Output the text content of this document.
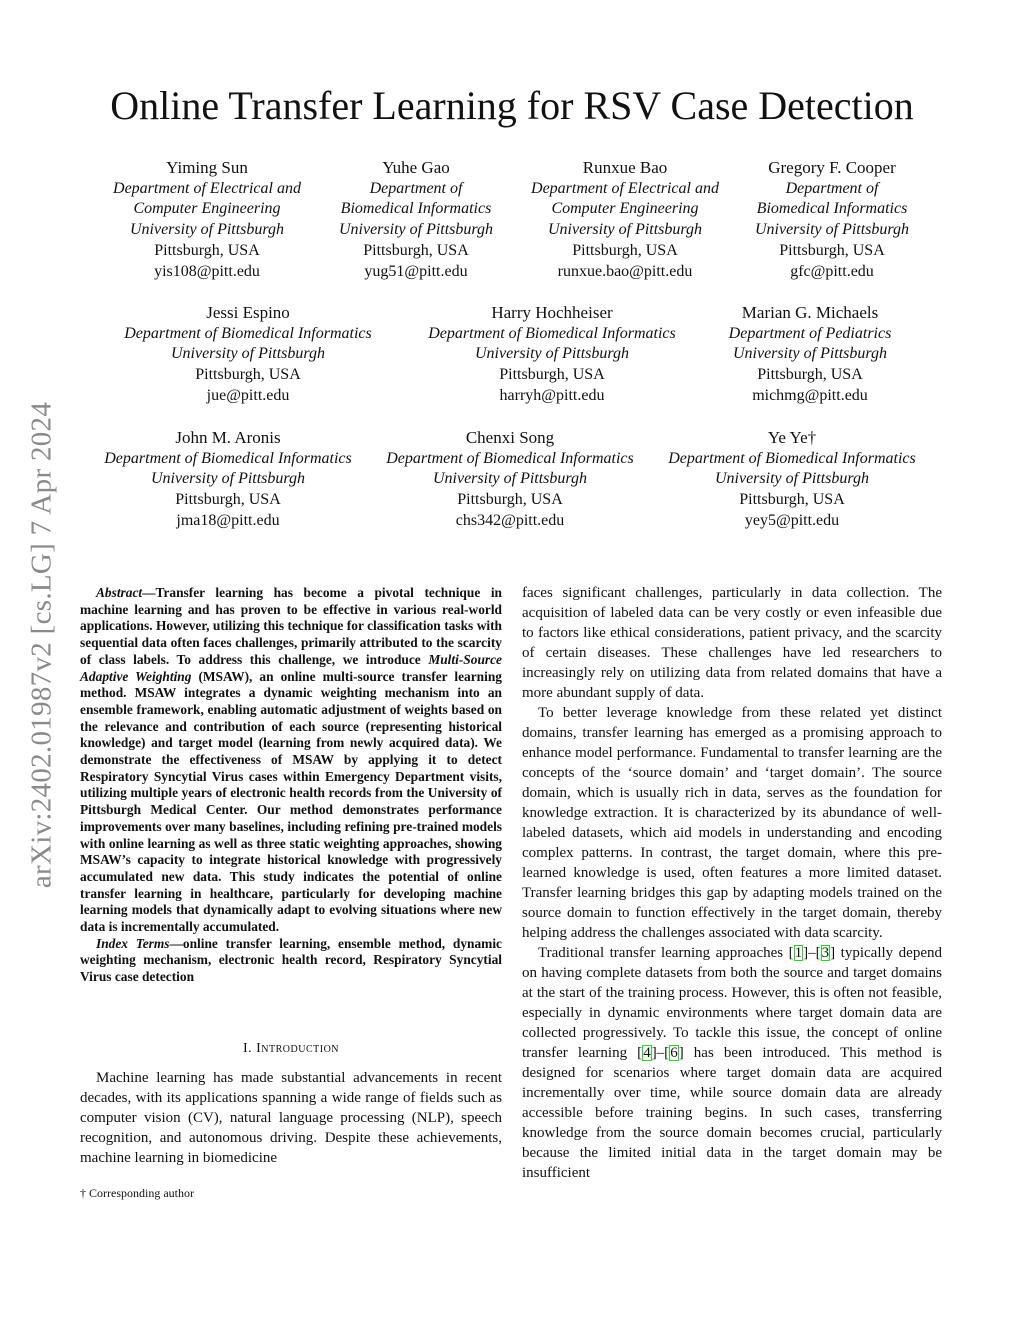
Online Transfer Learning for RSV Case Detection
arXiv:2402.01987v2 [cs.LG] 7 Apr 2024
Yiming Sun
Department of Electrical and
Computer Engineering
University of Pittsburgh
Pittsburgh, USA
yis108@pitt.edu
Yuhe Gao
Department of
Biomedical Informatics
University of Pittsburgh
Pittsburgh, USA
yug51@pitt.edu
Runxue Bao
Department of Electrical and
Computer Engineering
University of Pittsburgh
Pittsburgh, USA
runxue.bao@pitt.edu
Gregory F. Cooper
Department of
Biomedical Informatics
University of Pittsburgh
Pittsburgh, USA
gfc@pitt.edu
Jessi Espino
Department of Biomedical Informatics
University of Pittsburgh
Pittsburgh, USA
jue@pitt.edu
Harry Hochheiser
Department of Biomedical Informatics
University of Pittsburgh
Pittsburgh, USA
harryh@pitt.edu
Marian G. Michaels
Department of Pediatrics
University of Pittsburgh
Pittsburgh, USA
michmg@pitt.edu
John M. Aronis
Department of Biomedical Informatics
University of Pittsburgh
Pittsburgh, USA
jma18@pitt.edu
Chenxi Song
Department of Biomedical Informatics
University of Pittsburgh
Pittsburgh, USA
chs342@pitt.edu
Ye Ye†
Department of Biomedical Informatics
University of Pittsburgh
Pittsburgh, USA
yey5@pitt.edu

Abstract—Transfer learning has become a pivotal technique in machine learning and has proven to be effective in various real-world applications. However, utilizing this technique for classification tasks with sequential data often faces challenges, primarily attributed to the scarcity of class labels. To address this challenge, we introduce Multi-Source Adaptive Weighting (MSAW), an online multi-source transfer learning method. MSAW integrates a dynamic weighting mechanism into an ensemble framework, enabling automatic adjustment of weights based on the relevance and contribution of each source (representing historical knowledge) and target model (learning from newly acquired data). We demonstrate the effectiveness of MSAW by applying it to detect Respiratory Syncytial Virus cases within Emergency Department visits, utilizing multiple years of electronic health records from the University of Pittsburgh Medical Center. Our method demonstrates performance improvements over many baselines, including refining pre-trained models with online learning as well as three static weighting approaches, showing MSAW’s capacity to integrate historical knowledge with progressively accumulated new data. This study indicates the potential of online transfer learning in healthcare, particularly for developing machine learning models that dynamically adapt to evolving situations where new data is incrementally accumulated.

Index Terms—online transfer learning, ensemble method, dynamic weighting mechanism, electronic health record, Respiratory Syncytial Virus case detection

I. Introduction

Machine learning has made substantial advancements in recent decades, with its applications spanning a wide range of fields such as computer vision (CV), natural language processing (NLP), speech recognition, and autonomous driving. Despite these achievements, machine learning in biomedicine

† Corresponding author

faces significant challenges, particularly in data collection. The acquisition of labeled data can be very costly or even infeasible due to factors like ethical considerations, patient privacy, and the scarcity of certain diseases. These challenges have led researchers to increasingly rely on utilizing data from related domains that have a more abundant supply of data.

To better leverage knowledge from these related yet distinct domains, transfer learning has emerged as a promising approach to enhance model performance. Fundamental to transfer learning are the concepts of the ‘source domain’ and ‘target domain’. The source domain, which is usually rich in data, serves as the foundation for knowledge extraction. It is characterized by its abundance of well-labeled datasets, which aid models in understanding and encoding complex patterns. In contrast, the target domain, where this pre-learned knowledge is used, often features a more limited dataset. Transfer learning bridges this gap by adapting models trained on the source domain to function effectively in the target domain, thereby helping address the challenges associated with data scarcity.

Traditional transfer learning approaches [1]–[3] typically depend on having complete datasets from both the source and target domains at the start of the training process. However, this is often not feasible, especially in dynamic environments where target domain data are collected progressively. To tackle this issue, the concept of online transfer learning [4]–[6] has been introduced. This method is designed for scenarios where target domain data are acquired incrementally over time, while source domain data are already accessible before training begins. In such cases, transferring knowledge from the source domain becomes crucial, particularly because the limited initial data in the target domain may be insufficient
